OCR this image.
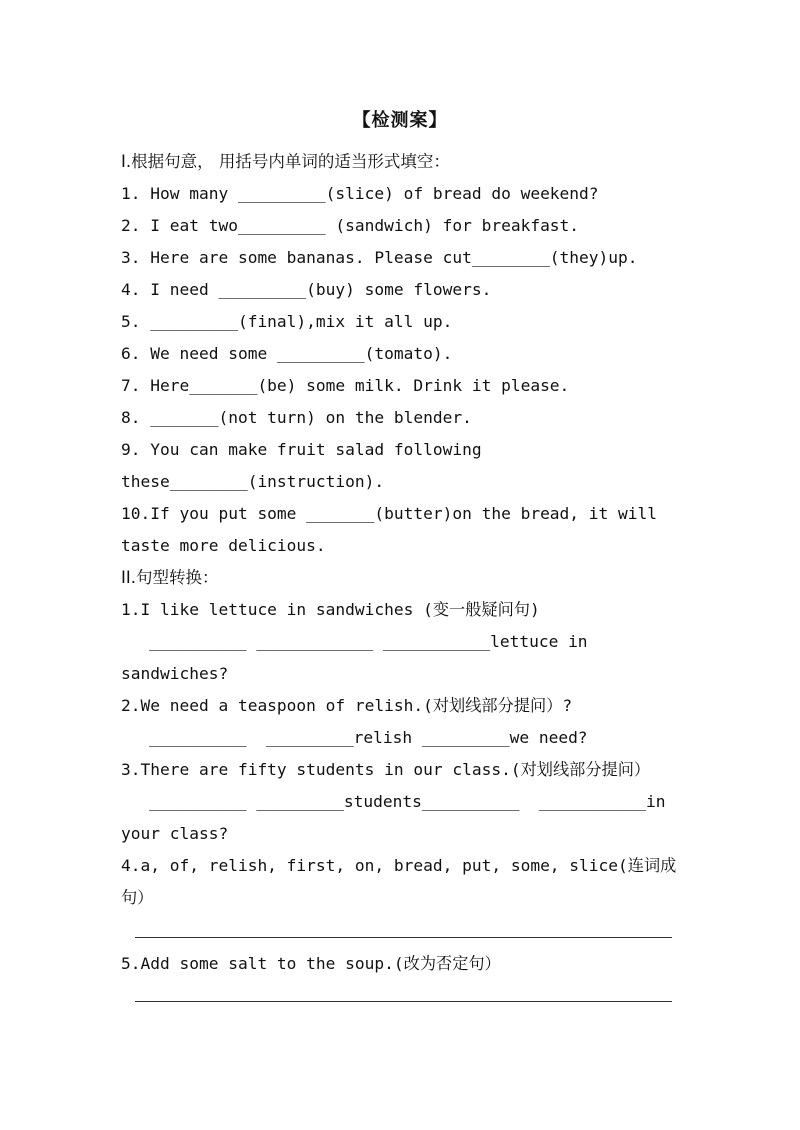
【检测案】
I.根据句意， 用括号内单词的适当形式填空：
1. How many _________(slice) of bread do weekend?
2. I eat two_________ (sandwich) for breakfast.
3. Here are some bananas. Please cut________(they)up.
4. I need _________(buy) some flowers.
5. _________(final),mix it all up.
6. We need some _________(tomato).
7. Here_______(be) some milk. Drink it please.
8. _______(not turn) on the blender.
9. You can make fruit salad following
these________(instruction).
10.If you put some _______(butter)on the bread, it will
taste more delicious.
II.句型转换：
1.I like lettuce in sandwiches (变一般疑问句)
__________ ____________ ___________lettuce in
sandwiches?
2.We need a teaspoon of relish.(对划线部分提问）?
__________  _________relish _________we need?
3.There are fifty students in our class.(对划线部分提问）
__________ _________students__________  ___________in
your class?
4.a, of, relish, first, on, bread, put, some, slice(连词成
句）
5.Add some salt to the soup.(改为否定句）
